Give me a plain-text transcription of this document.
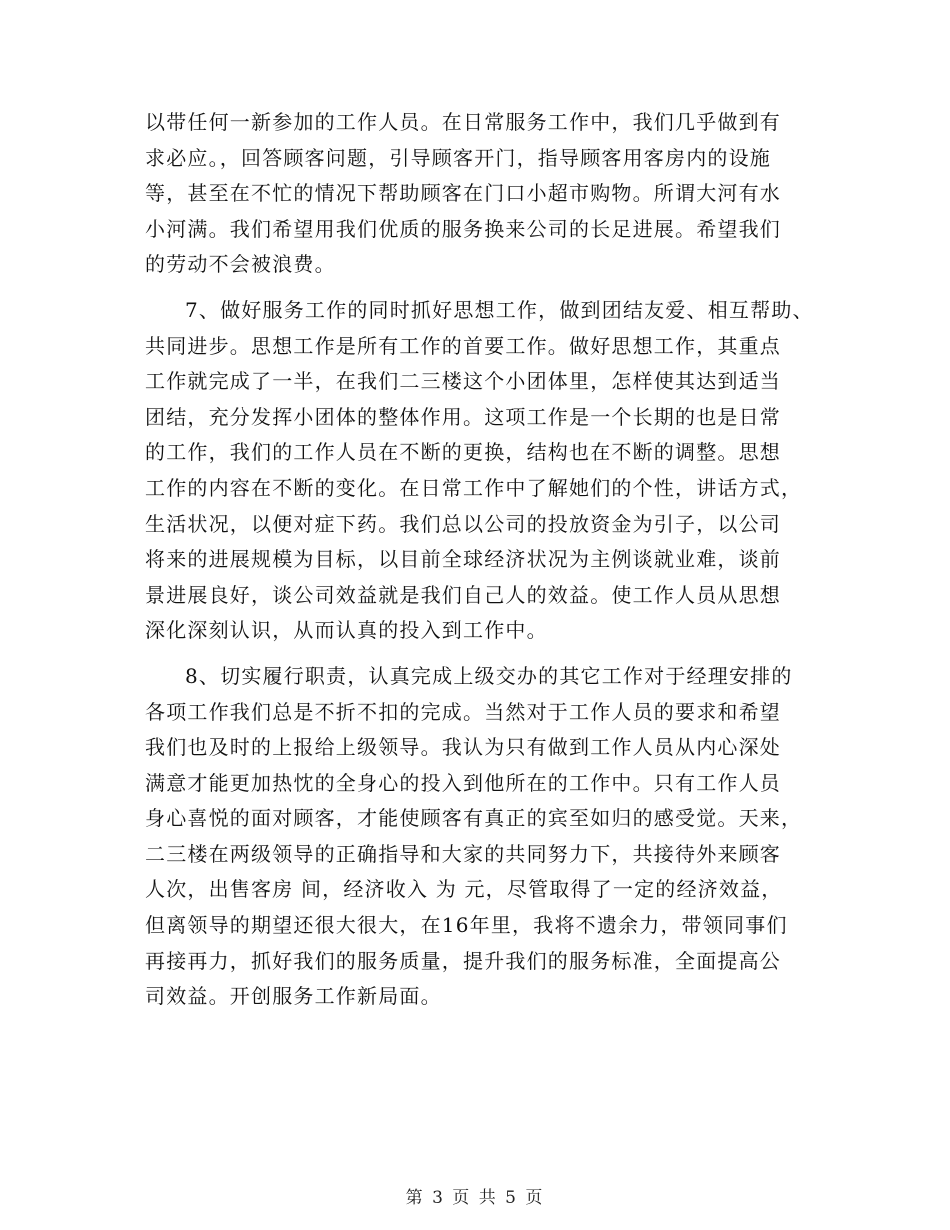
以带任何一新参加的工作人员。在日常服务工作中，我们几乎做到有
求必应。，回答顾客问题，引导顾客开门，指导顾客用客房内的设施
等，甚至在不忙的情况下帮助顾客在门口小超市购物。所谓大河有水
小河满。我们希望用我们优质的服务换来公司的长足进展。希望我们
的劳动不会被浪费。
7、做好服务工作的同时抓好思想工作，做到团结友爱、相互帮助、
共同进步。思想工作是所有工作的首要工作。做好思想工作，其重点
工作就完成了一半，在我们二三楼这个小团体里，怎样使其达到适当
团结，充分发挥小团体的整体作用。这项工作是一个长期的也是日常
的工作，我们的工作人员在不断的更换，结构也在不断的调整。思想
工作的内容在不断的变化。在日常工作中了解她们的个性，讲话方式，
生活状况，以便对症下药。我们总以公司的投放资金为引子，以公司
将来的进展规模为目标，以目前全球经济状况为主例谈就业难，谈前
景进展良好，谈公司效益就是我们自己人的效益。使工作人员从思想
深化深刻认识，从而认真的投入到工作中。
8、切实履行职责，认真完成上级交办的其它工作对于经理安排的
各项工作我们总是不折不扣的完成。当然对于工作人员的要求和希望
我们也及时的上报给上级领导。我认为只有做到工作人员从内心深处
满意才能更加热忱的全身心的投入到他所在的工作中。只有工作人员
身心喜悦的面对顾客，才能使顾客有真正的宾至如归的感受觉。天来，
二三楼在两级领导的正确指导和大家的共同努力下，共接待外来顾客
人次，出售客房 间，经济收入 为 元，尽管取得了一定的经济效益，
但离领导的期望还很大很大，在16年里，我将不遗余力，带领同事们
再接再力，抓好我们的服务质量，提升我们的服务标准，全面提高公
司效益。开创服务工作新局面。
第 3 页 共 5 页
